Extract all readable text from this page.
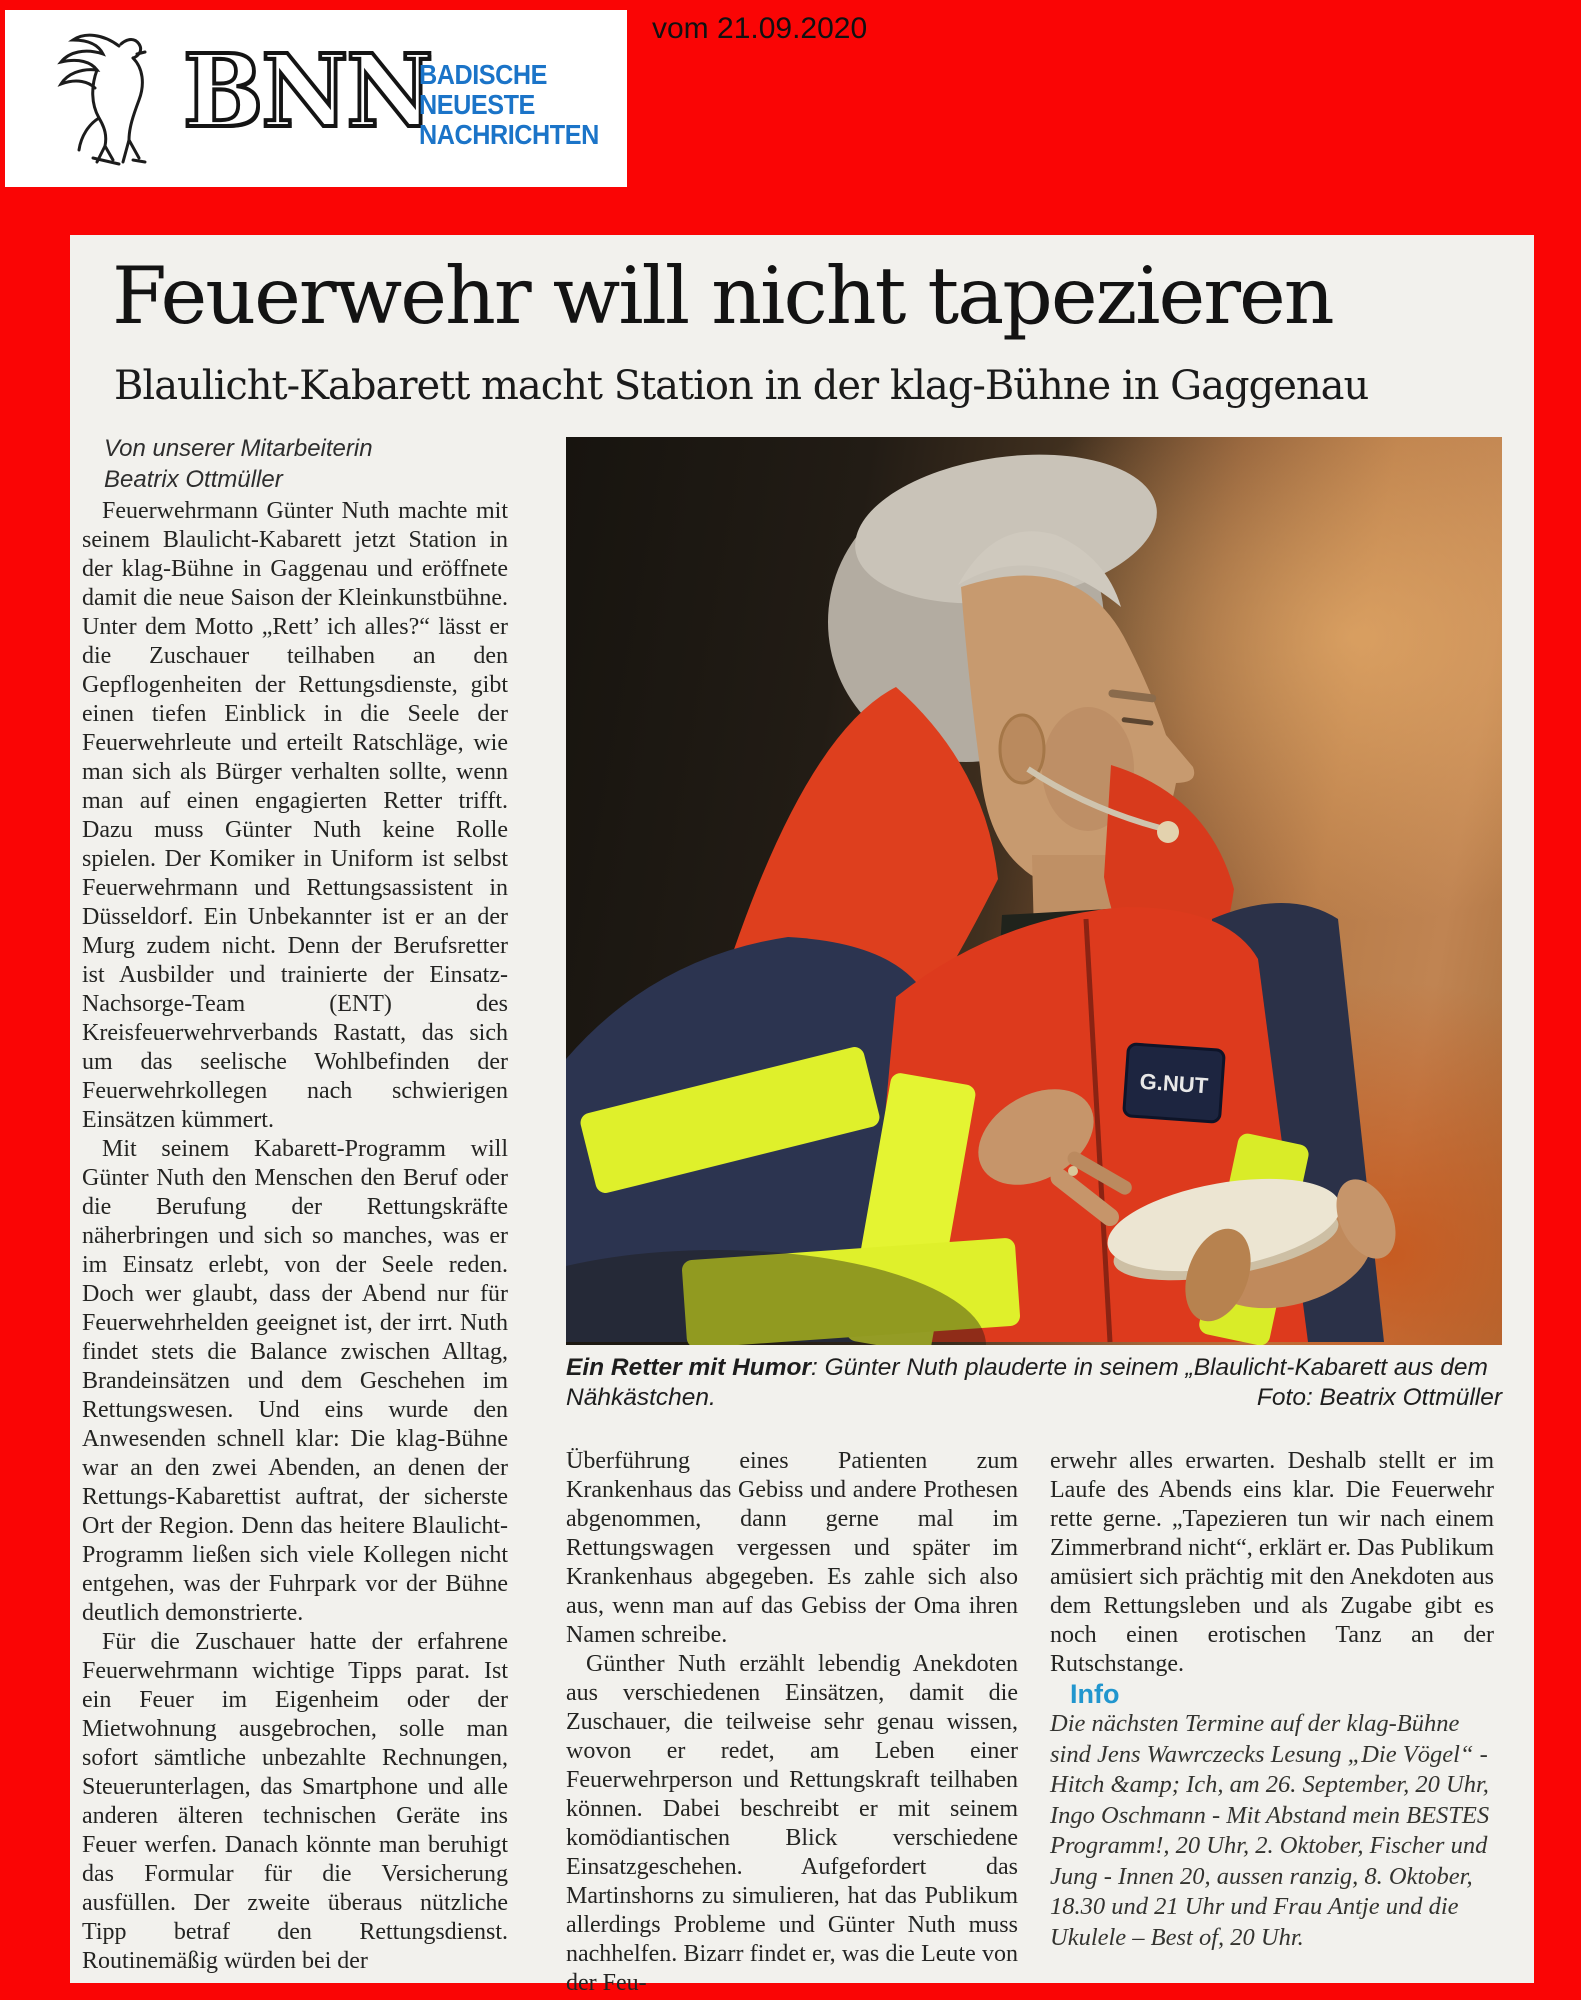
BNN
BADISCHE
NEUESTE
NACHRICHTEN
vom 21.09.2020
Feuerwehr will nicht tapezieren
Blaulicht-Kabarett macht Station in der klag-Bühne in Gaggenau
Von unserer Mitarbeiterin
Beatrix Ottmüller

Feuerwehrmann Günter Nuth machte mit seinem Blaulicht-Kabarett jetzt Station in der klag-Bühne in Gaggenau und eröffnete damit die neue Saison der Kleinkunstbühne. Unter dem Motto „Rett’ ich alles?“ lässt er die Zuschauer teilhaben an den Gepflogenheiten der Rettungsdienste, gibt einen tiefen Einblick in die Seele der Feuerwehrleute und erteilt Ratschläge, wie man sich als Bürger verhalten sollte, wenn man auf einen engagierten Retter trifft. Dazu muss Günter Nuth keine Rolle spielen. Der Komiker in Uniform ist selbst Feuerwehrmann und Rettungsassistent in Düsseldorf. Ein Unbekannter ist er an der Murg zudem nicht. Denn der Berufsretter ist Ausbilder und trainierte der Einsatz-Nachsorge-Team (ENT) des Kreisfeuerwehrverbands Rastatt, das sich um das seelische Wohlbefinden der Feuerwehrkollegen nach schwierigen Einsätzen kümmert.

Mit seinem Kabarett-Programm will Günter Nuth den Menschen den Beruf oder die Berufung der Rettungskräfte näherbringen und sich so manches, was er im Einsatz erlebt, von der Seele reden. Doch wer glaubt, dass der Abend nur für Feuerwehrhelden geeignet ist, der irrt. Nuth findet stets die Balance zwischen Alltag, Brandeinsätzen und dem Geschehen im Rettungswesen. Und eins wurde den Anwesenden schnell klar: Die klag-Bühne war an den zwei Abenden, an denen der Rettungs-Kabarettist auftrat, der sicherste Ort der Region. Denn das heitere Blaulicht-Programm ließen sich viele Kollegen nicht entgehen, was der Fuhrpark vor der Bühne deutlich demonstrierte.

Für die Zuschauer hatte der erfahrene Feuerwehrmann wichtige Tipps parat. Ist ein Feuer im Eigenheim oder der Mietwohnung ausgebrochen, solle man sofort sämtliche unbezahlte Rechnungen, Steuerunterlagen, das Smartphone und alle anderen älteren technischen Geräte ins Feuer werfen. Danach könnte man beruhigt das Formular für die Versicherung ausfüllen. Der zweite überaus nützliche Tipp betraf den Rettungsdienst. Routinemäßig würden bei der

G.NUT
Ein Retter mit Humor: Günter Nuth plauderte in seinem „Blaulicht-Kabarett aus dem Nähkästchen.	Foto: Beatrix Ottmüller

Überführung eines Patienten zum Krankenhaus das Gebiss und andere Prothesen abgenommen, dann gerne mal im Rettungswagen vergessen und später im Krankenhaus abgegeben. Es zahle sich also aus, wenn man auf das Gebiss der Oma ihren Namen schreibe.

Günther Nuth erzählt lebendig Anekdoten aus verschiedenen Einsätzen, damit die Zuschauer, die teilweise sehr genau wissen, wovon er redet, am Leben einer Feuerwehrperson und Rettungskraft teilhaben können. Dabei beschreibt er mit seinem komödiantischen Blick verschiedene Einsatzgeschehen. Aufgefordert das Martinshorns zu simulieren, hat das Publikum allerdings Probleme und Günter Nuth muss nachhelfen. Bizarr findet er, was die Leute von der Feu-

erwehr alles erwarten. Deshalb stellt er im Laufe des Abends eins klar. Die Feuerwehr rette gerne. „Tapezieren tun wir nach einem Zimmerbrand nicht“, erklärt er. Das Publikum amüsiert sich prächtig mit den Anekdoten aus dem Rettungsleben und als Zugabe gibt es noch einen erotischen Tanz an der Rutschstange.

Info

Die nächsten Termine auf der klag-Bühne sind Jens Wawrczecks Lesung „Die Vögel“ - Hitch &amp; Ich, am 26. September, 20 Uhr, Ingo Oschmann - Mit Abstand mein BESTES Programm!, 20 Uhr, 2. Oktober, Fischer und Jung - Innen 20, aussen ranzig, 8. Oktober, 18.30 und 21 Uhr und Frau Antje und die Ukulele – Best of, 20 Uhr.
